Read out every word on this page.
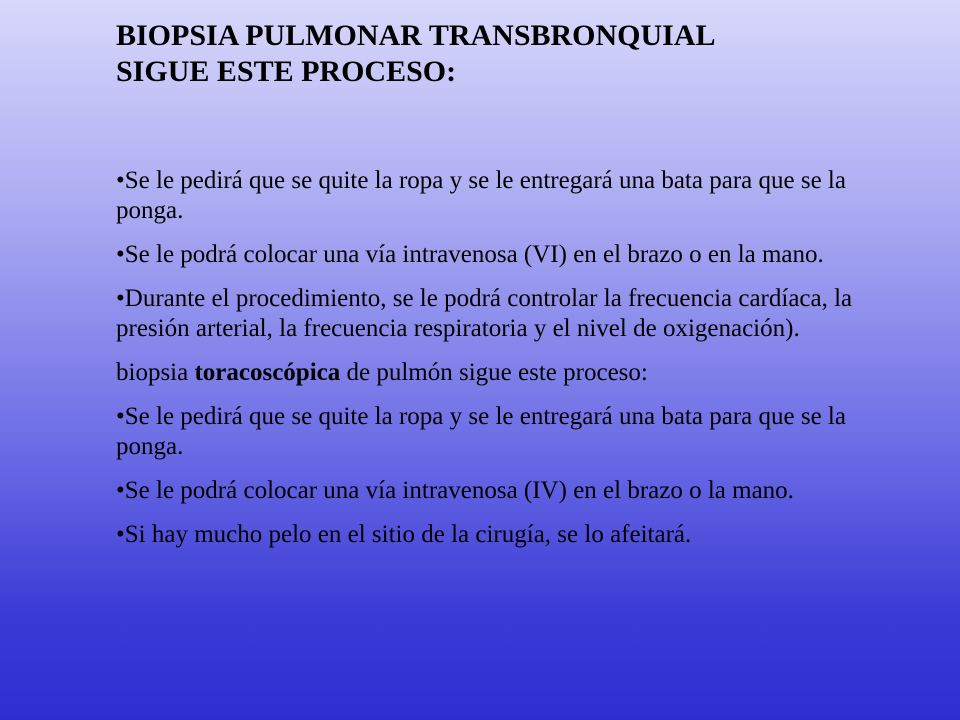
BIOPSIA PULMONAR TRANSBRONQUIAL
SIGUE ESTE PROCESO:

• Se le pedirá que se quite la ropa y se le entregará una bata para que se la ponga.

• Se le podrá colocar una vía intravenosa (VI) en el brazo o en la mano.

• Durante el procedimiento, se le podrá controlar la frecuencia cardíaca, la presión arterial, la frecuencia respiratoria y el nivel de oxigenación).

biopsia toracoscópica de pulmón sigue este proceso:

• Se le pedirá que se quite la ropa y se le entregará una bata para que se la ponga.

• Se le podrá colocar una vía intravenosa (IV) en el brazo o la mano.

• Si hay mucho pelo en el sitio de la cirugía, se lo afeitará.
